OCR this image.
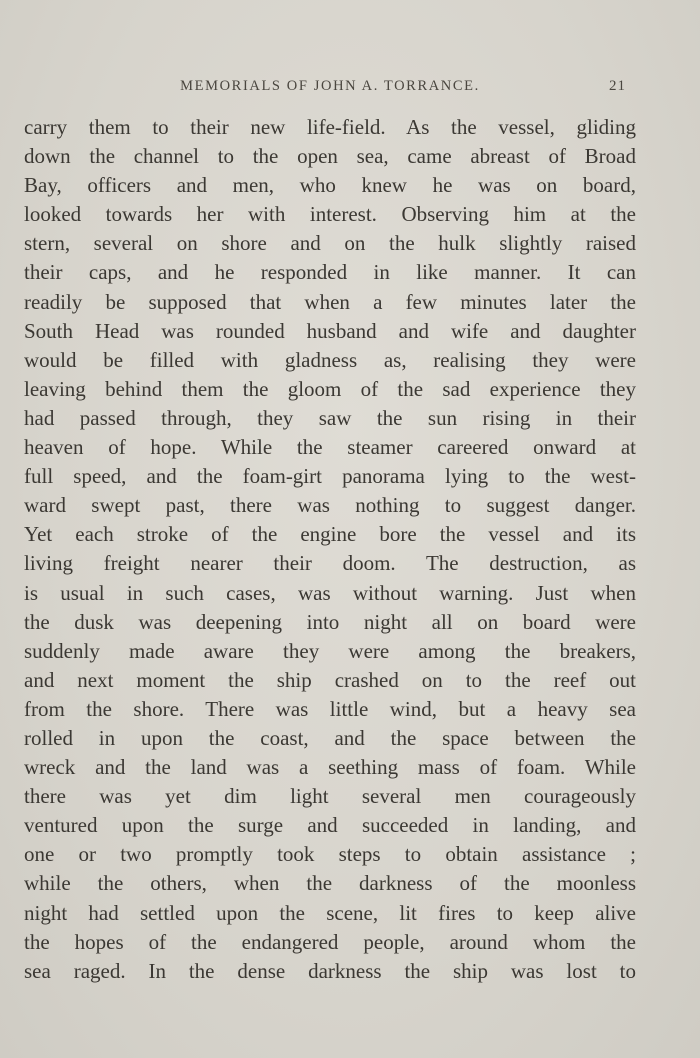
MEMORIALS OF JOHN A. TORRANCE.	21
carry them to their new life-field. As the vessel, gliding
down the channel to the open sea, came abreast of Broad
Bay, officers and men, who knew he was on board,
looked towards her with interest. Observing him at the
stern, several on shore and on the hulk slightly raised
their caps, and he responded in like manner. It can
readily be supposed that when a few minutes later the
South Head was rounded husband and wife and daughter
would be filled with gladness as, realising they were
leaving behind them the gloom of the sad experience they
had passed through, they saw the sun rising in their
heaven of hope. While the steamer careered onward at
full speed, and the foam-girt panorama lying to the west-
ward swept past, there was nothing to suggest danger.
Yet each stroke of the engine bore the vessel and its
living freight nearer their doom. The destruction, as
is usual in such cases, was without warning. Just when
the dusk was deepening into night all on board were
suddenly made aware they were among the breakers,
and next moment the ship crashed on to the reef out
from the shore. There was little wind, but a heavy sea
rolled in upon the coast, and the space between the
wreck and the land was a seething mass of foam. While
there was yet dim light several men courageously
ventured upon the surge and succeeded in landing, and
one or two promptly took steps to obtain assistance ;
while the others, when the darkness of the moonless
night had settled upon the scene, lit fires to keep alive
the hopes of the endangered people, around whom the
sea raged. In the dense darkness the ship was lost to
